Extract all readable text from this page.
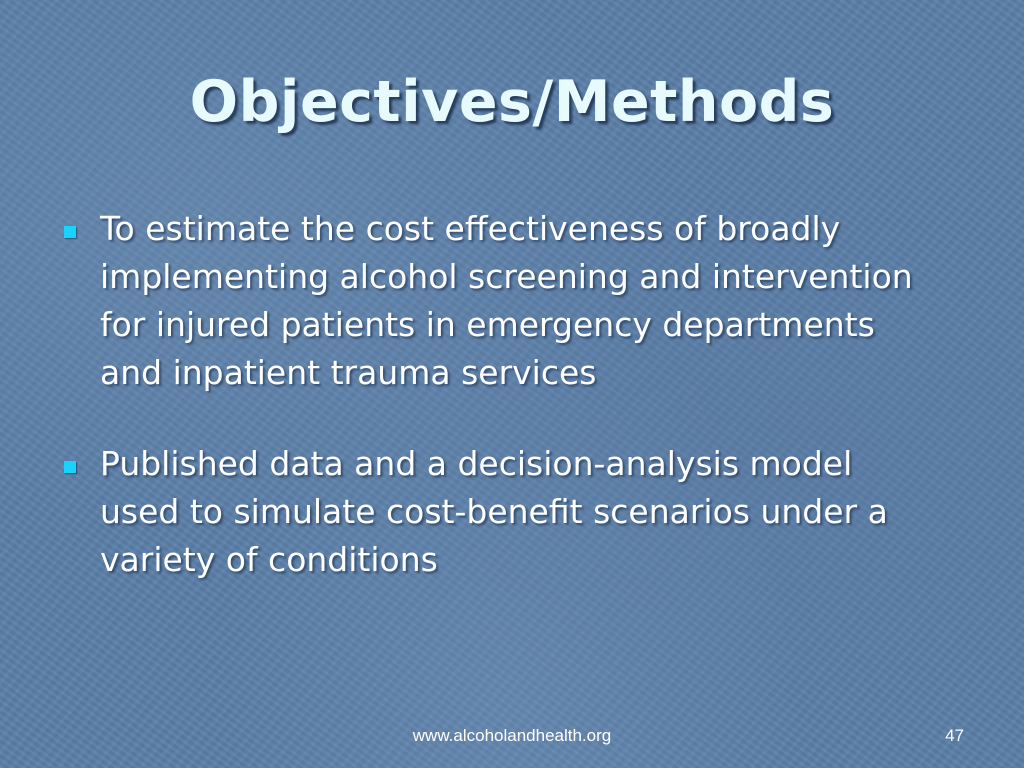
Objectives/Methods
To estimate the cost effectiveness of broadly
implementing alcohol screening and intervention
for injured patients in emergency departments
and inpatient trauma services
Published data and a decision-analysis model
used to simulate cost-benefit scenarios under a
variety of conditions
www.alcoholandhealth.org	47
